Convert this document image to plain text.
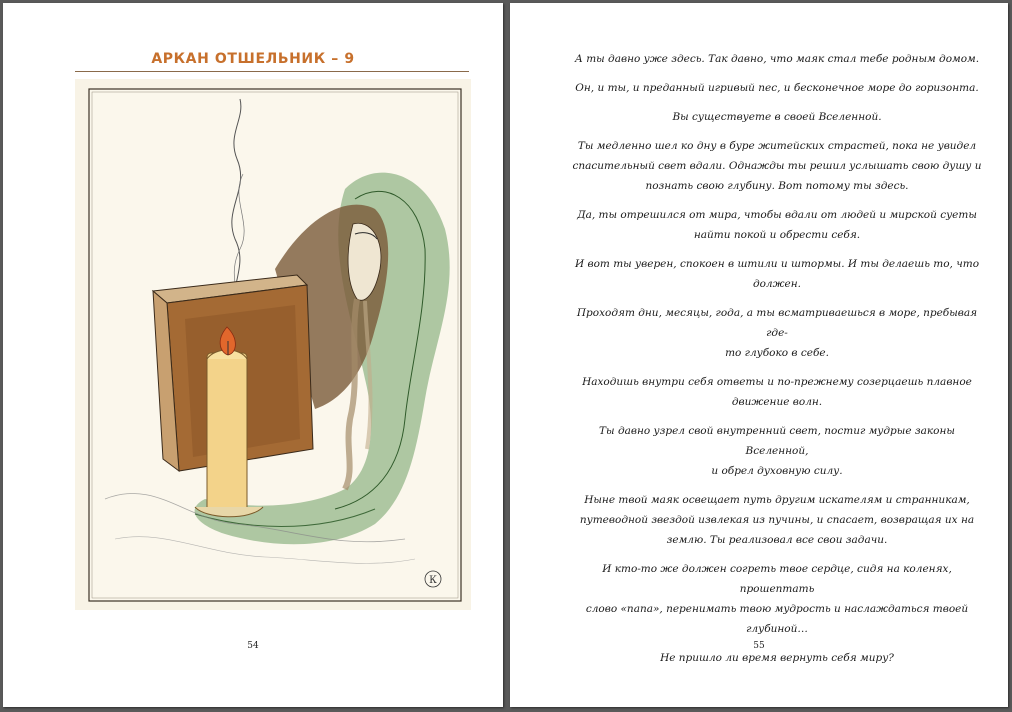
АРКАН ОТШЕЛЬНИК – 9
К
54

А ты давно уже здесь. Так давно, что маяк стал тебе родным домом.

Он, и ты, и преданный игривый пес, и бесконечное море до горизонта.

Вы существуете в своей Вселенной.

Ты медленно шел ко дну в буре житейских страстей, пока не увидел
спасительный свет вдали. Однажды ты решил услышать свою душу и
познать свою глубину. Вот потому ты здесь.

Да, ты отрешился от мира, чтобы вдали от людей и мирской суеты
найти покой и обрести себя.

И вот ты уверен, спокоен в штили и штормы. И ты делаешь то, что
должен.

Проходят дни, месяцы, года, а ты всматриваешься в море, пребывая где-
то глубоко в себе.

Находишь внутри себя ответы и по-прежнему созерцаешь плавное
движение волн.

Ты давно узрел свой внутренний свет, постиг мудрые законы Вселенной,
и обрел духовную силу.

Ныне твой маяк освещает путь другим искателям и странникам,
путеводной звездой извлекая из пучины, и спасает, возвращая их на
землю. Ты реализовал все свои задачи.

И кто-то же должен согреть твое сердце, сидя на коленях, прошептать
слово «папа», перенимать твою мудрость и наслаждаться твоей
глубиной…

Не пришло ли время вернуть себя миру?

55
